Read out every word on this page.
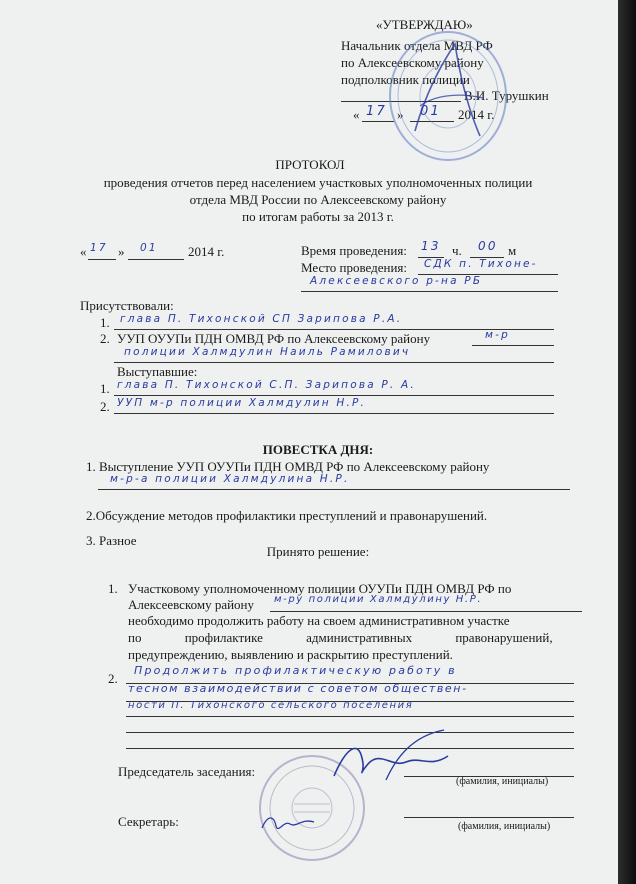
«УТВЕРЖДАЮ»
Начальник отдела МВД РФ
по Алексеевскому району
подполковник полиции
В.И. Турушкин
« 17 » 01 2014 г.
ПРОТОКОЛ
проведения отчетов перед населением участковых уполномоченных полиции
отдела МВД России по Алексеевскому району
по итогам работы за 2013 г.
« 17 » 01 2014 г.	Время проведения: 13 ч. 00 м
Место проведения: СДК п. Тихоне-
Алексеевского р-на РБ
Присутствовали:
1. глава П. Тихонской СП Зарипова Р.А.
2. УУП ОУУПи ПДН ОМВД РФ по Алексеевскому району	м-р
полиции Халмдулин Наиль Рамилович
Выступавшие:
1. глава П. Тихонской С.П. Зарипова Р. А.
2. УУП м-р полиции Халмдулин Н.Р.
ПОВЕСТКА ДНЯ:
1. Выступление УУП ОУУПи ПДН ОМВД РФ по Алексеевскому району
м-р-а полиции Халмдулина Н.Р.
2.Обсуждение методов профилактики преступлений и правонарушений.
3. Разное
Принято решение:
1. Участковому уполномоченному полиции ОУУПи ПДН ОМВД РФ по
Алексеевскому району м-ру полиции Халмдулину Н.Р.
необходимо продолжить работу на своем административном участке
по профилактике административных правонарушений,
предупреждению, выявлению и раскрытию преступлений.
2.
Продолжить профилактическую работу в
тесном взаимодействии с советом обществен-
ности П. Тихонского сельского поселения
Председатель заседания:
(фамилия, инициалы)
Секретарь:	(фамилия, инициалы)
